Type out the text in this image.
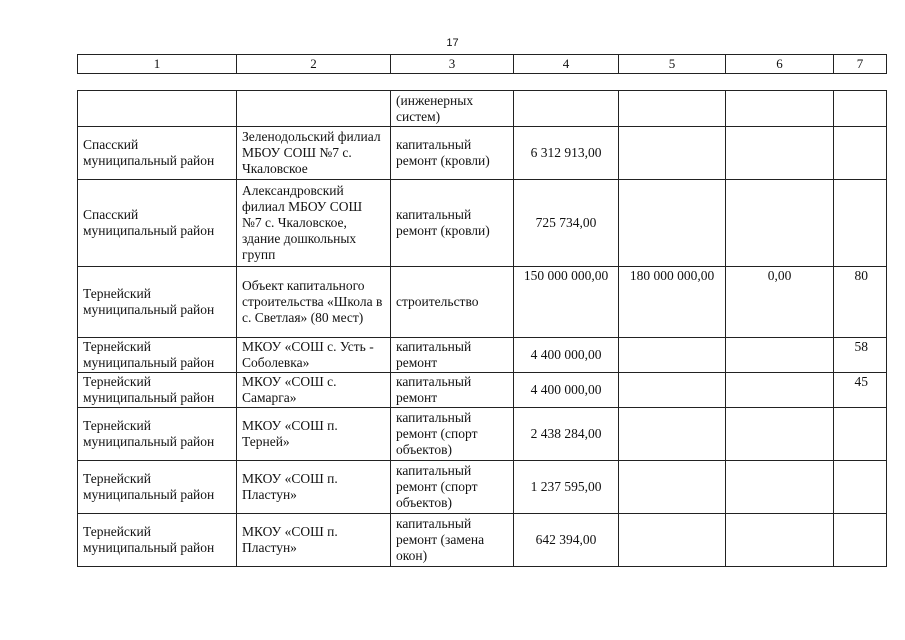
17
1	2	3	4	5	6	7
		(инженерных систем)				
Спасский муниципальный район	Зеленодольский филиал МБОУ СОШ №7 с. Чкаловское	капитальный ремонт (кровли)	6 312 913,00			
Спасский муниципальный район	Александровский филиал МБОУ СОШ №7 с. Чкаловское, здание дошкольных групп	капитальный ремонт (кровли)	725 734,00			
Тернейский муниципальный район	Объект капитального строительства «Школа в с. Светлая» (80 мест)	строительство	150 000 000,00	180 000 000,00	0,00	80
Тернейский муниципальный район	МКОУ «СОШ с. Усть - Соболевка»	капитальный ремонт	4 400 000,00			58
Тернейский муниципальный район	МКОУ «СОШ с. Самарга»	капитальный ремонт	4 400 000,00			45
Тернейский муниципальный район	МКОУ «СОШ п. Терней»	капитальный ремонт (спорт объектов)	2 438 284,00			
Тернейский муниципальный район	МКОУ «СОШ п. Пластун»	капитальный ремонт (спорт объектов)	1 237 595,00			
Тернейский муниципальный район	МКОУ «СОШ п. Пластун»	капитальный ремонт (замена окон)	642 394,00			
